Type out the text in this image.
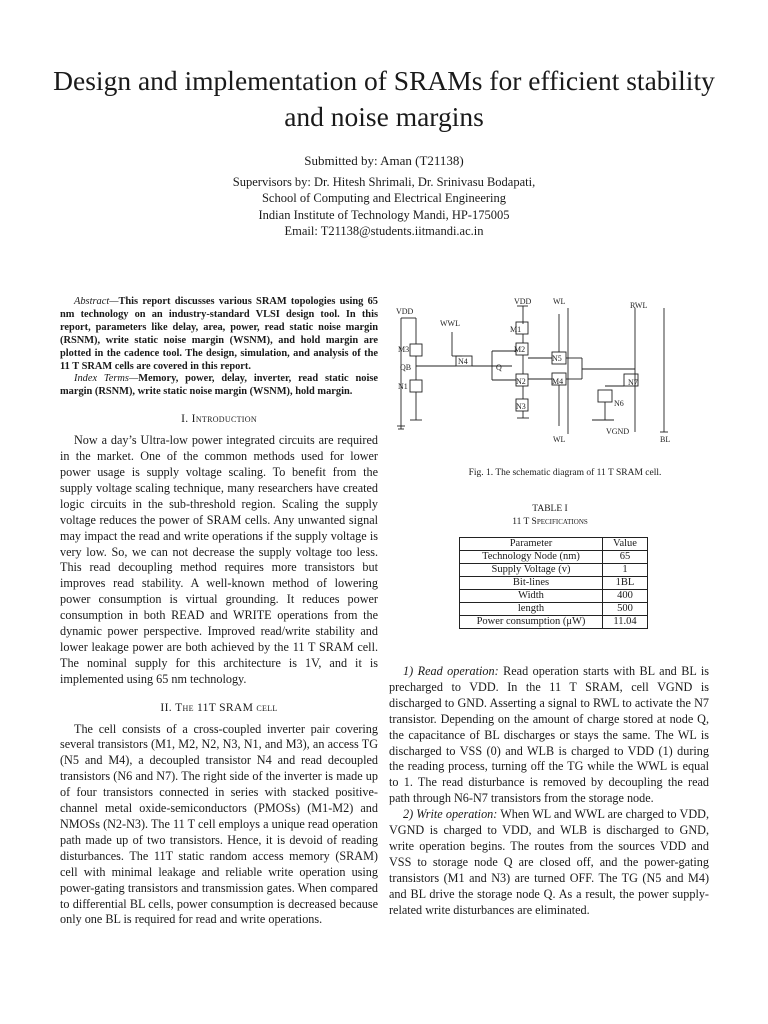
Design and implementation of SRAMs for efficient stability and noise margins
Submitted by: Aman (T21138)
Supervisors by: Dr. Hitesh Shrimali, Dr. Srinivasu Bodapati,
School of Computing and Electrical Engineering
Indian Institute of Technology Mandi, HP-175005
Email: T21138@students.iitmandi.ac.in

Abstract—This report discusses various SRAM topologies using 65 nm technology on an industry-standard VLSI design tool. In this report, parameters like delay, area, power, read static noise margin (RSNM), write static noise margin (WSNM), and hold margin are plotted in the cadence tool. The design, simulation, and analysis of the 11 T SRAM cells are covered in this report.

Index Terms—Memory, power, delay, inverter, read static noise margin (RSNM), write static noise margin (WSNM), hold margin.

I. Introduction

Now a day’s Ultra-low power integrated circuits are required in the market. One of the common methods used for lower power usage is supply voltage scaling. To benefit from the supply voltage scaling technique, many researchers have created logic circuits in the sub-threshold region. Scaling the supply voltage reduces the power of SRAM cells. Any unwanted signal may impact the read and write operations if the supply voltage is very low. So, we can not decrease the supply voltage too less. This read decoupling method requires more transistors but improves read stability. A well-known method of lowering power consumption is virtual grounding. It reduces power consumption in both READ and WRITE operations from the dynamic power perspective. Improved read/write stability and lower leakage power are both achieved by the 11 T SRAM cell. The nominal supply for this architecture is 1V, and it is implemented using 65 nm technology.

II. The 11T SRAM cell

The cell consists of a cross-coupled inverter pair covering several transistors (M1, M2, N2, N3, N1, and M3), an access TG (N5 and M4), a decoupled transistor N4 and read decoupled transistors (N6 and N7). The right side of the inverter is made up of four transistors connected in series with stacked positive-channel metal oxide-semiconductors (PMOSs) (M1-M2) and NMOSs (N2-N3). The 11 T cell employs a unique read operation path made up of two transistors. Hence, it is devoid of reading disturbances. The 11T static random access memory (SRAM) cell with minimal leakage and reliable write operation using power-gating transistors and transmission gates. When compared to differential BL cells, power consumption is decreased because only one BL is required for read and write operations.

VDD
WWL
VDD	WL	RWL
M1
M2
M3
M4
N1
N2
N3
N4	N5
N6
N7
QB	Q
WL
VGND
BL
Fig. 1. The schematic diagram of 11 T SRAM cell.
TABLE I
11 T Specifications
Parameter	Value
Technology Node (nm)	65
Supply Voltage (v)	1
Bit-lines	1BL
Width	400
length	500
Power consumption (μW)	11.04

1) Read operation: Read operation starts with BL and BL is precharged to VDD. In the 11 T SRAM, cell VGND is discharged to GND. Asserting a signal to RWL to activate the N7 transistor. Depending on the amount of charge stored at node Q, the capacitance of BL discharges or stays the same. The WL is discharged to VSS (0) and WLB is charged to VDD (1) during the reading process, turning off the TG while the WWL is equal to 1. The read disturbance is removed by decoupling the read path through N6-N7 transistors from the storage node.

2) Write operation: When WL and WWL are charged to VDD, VGND is charged to VDD, and WLB is discharged to GND, write operation begins. The routes from the sources VDD and VSS to storage node Q are closed off, and the power-gating transistors (M1 and N3) are turned OFF. The TG (N5 and M4) and BL drive the storage node Q. As a result, the power supply-related write disturbances are eliminated.
